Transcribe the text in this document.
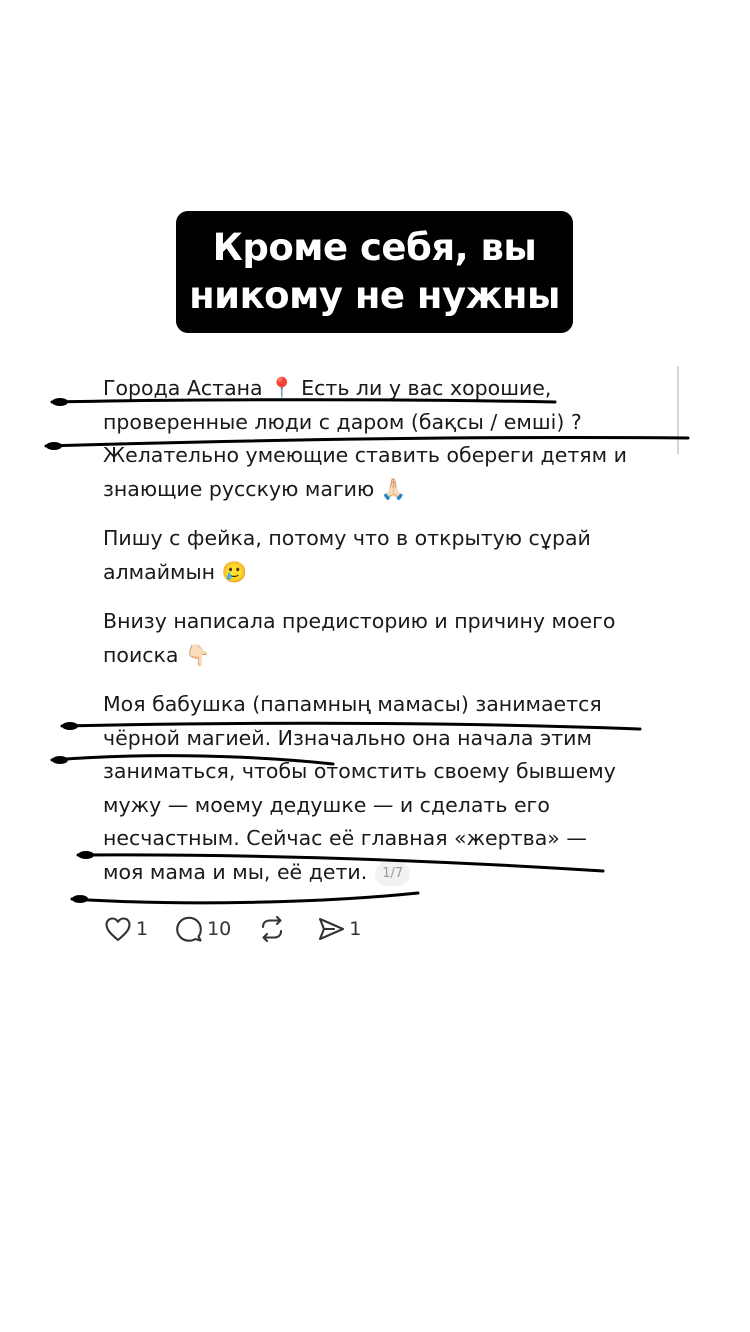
Кроме себя, вы
никому не нужны

Города Астана 📍 Есть ли у вас хорошие,
проверенные люди с даром (бақсы / емші) ?
Желательно умеющие ставить обереги детям и
знающие русскую магию 🙏🏻

Пишу с фейка, потому что в открытую сұрай
алмаймын 🥲

Внизу написала предисторию и причину моего
поиска 👇🏻

Моя бабушка (папамның мамасы) занимается
чёрной магией. Изначально она начала этим
заниматься, чтобы отомстить своему бывшему
мужу — моему дедушке — и сделать его
несчастным. Сейчас её главная «жертва» —
моя мама и мы, её дети. 1/7

1	10	1
